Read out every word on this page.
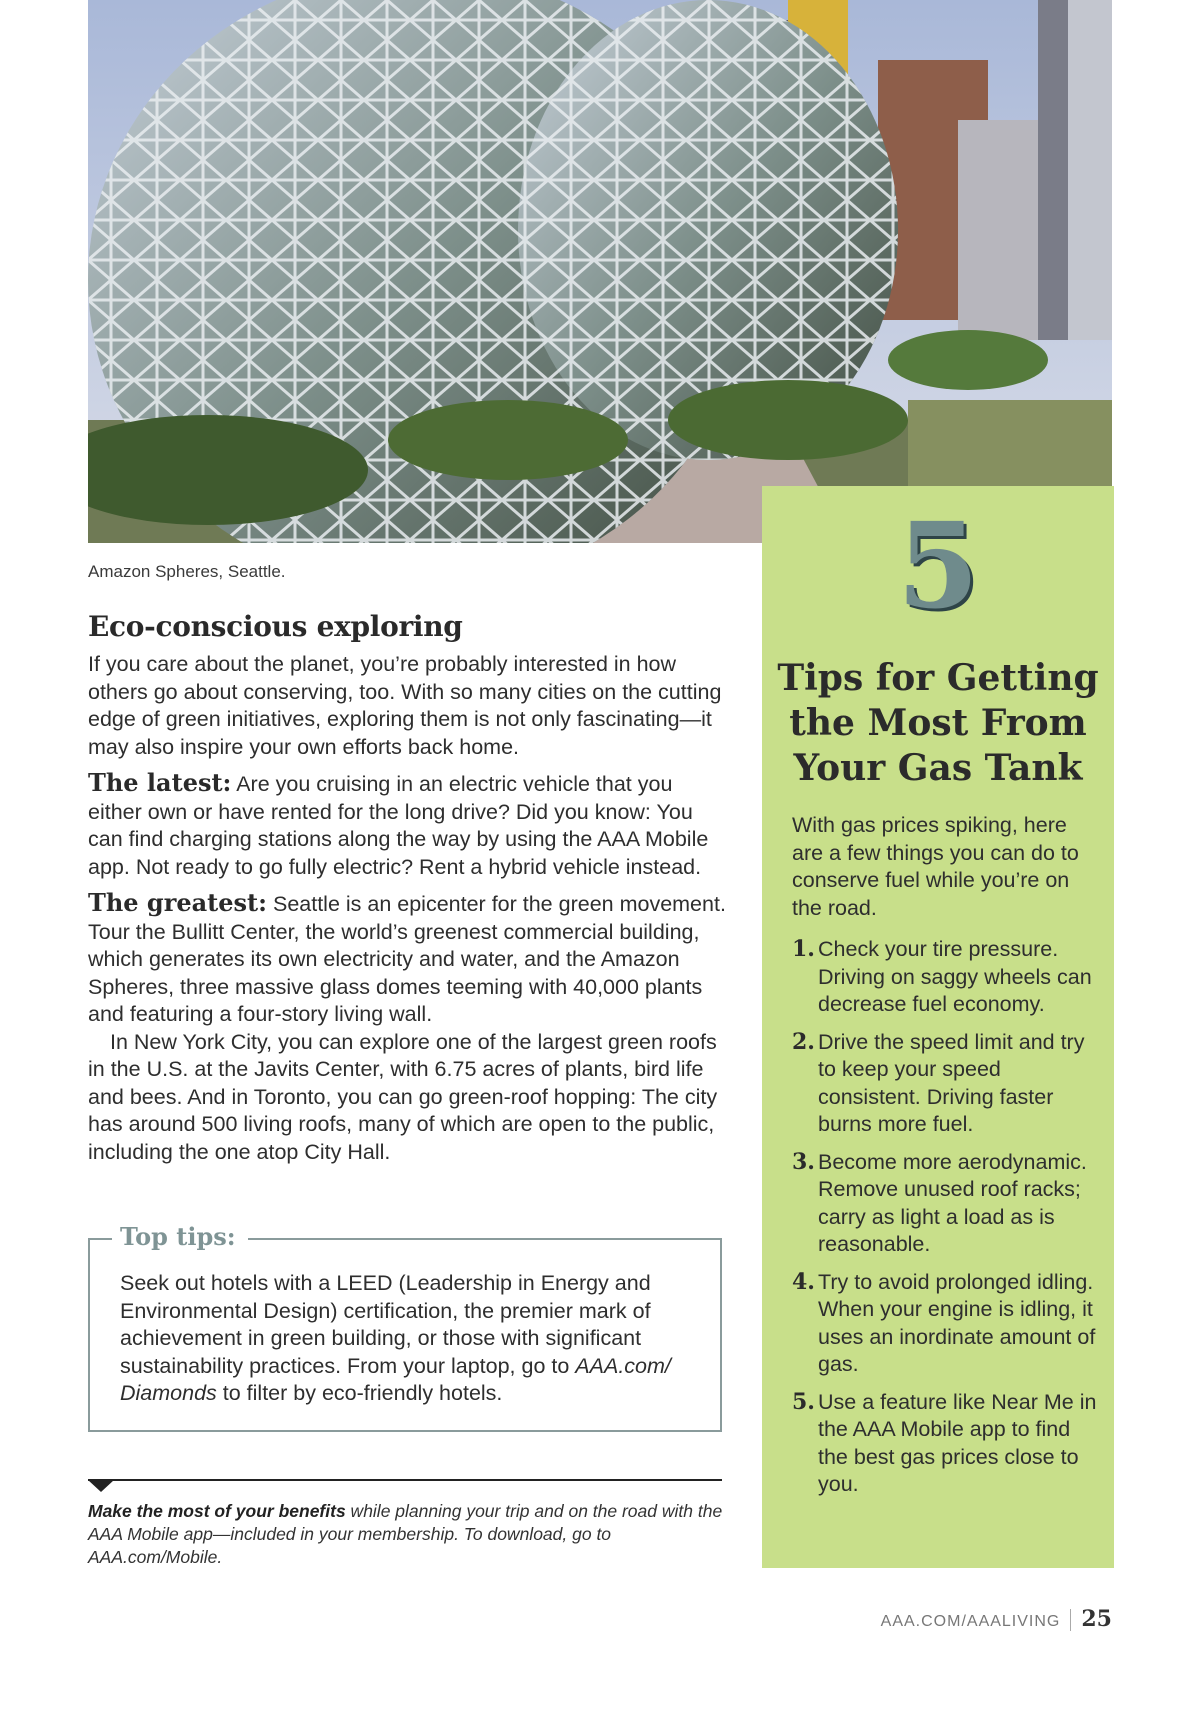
Amazon Spheres, Seattle.
Eco-conscious exploring

If you care about the planet, you’re probably interested in how others go about conserving, too. With so many cities on the cutting edge of green initiatives, exploring them is not only fascinating—it may also inspire your own efforts back home.

The latest: Are you cruising in an electric vehicle that you either own or have rented for the long drive? Did you know: You can find charging stations along the way by using the AAA Mobile app. Not ready to go fully electric? Rent a hybrid vehicle instead.

The greatest: Seattle is an epicenter for the green movement. Tour the Bullitt Center, the world’s greenest commercial building, which generates its own electricity and water, and the Amazon Spheres, three massive glass domes teeming with 40,000 plants and featuring a four-story living wall.

In New York City, you can explore one of the largest green roofs in the U.S. at the Javits Center, with 6.75 acres of plants, bird life and bees. And in Toronto, you can go green-roof hopping: The city has around 500 living roofs, many of which are open to the public, including the one atop City Hall.

Top tips:
Seek out hotels with a LEED (Leadership in Energy and Environmental Design) certification, the premier mark of achievement in green building, or those with significant sustainability practices. From your laptop, go to AAA.com/ Diamonds to filter by eco-friendly hotels.
Make the most of your benefits while planning your trip and on the road with the AAA Mobile app—included in your membership. To download, go to AAA.com/Mobile.
5
Tips for Getting the Most From Your Gas Tank
With gas prices spiking, here are a few things you can do to conserve fuel while you’re on the road.
1. Check your tire pressure. Driving on saggy wheels can decrease fuel economy.
2. Drive the speed limit and try to keep your speed consistent. Driving faster burns more fuel.
3. Become more aerodynamic. Remove unused roof racks; carry as light a load as is reasonable.
4. Try to avoid prolonged idling. When your engine is idling, it uses an inordinate amount of gas.
5. Use a feature like Near Me in the AAA Mobile app to find the best gas prices close to you.
AAA.COM/AAALIVING 25
